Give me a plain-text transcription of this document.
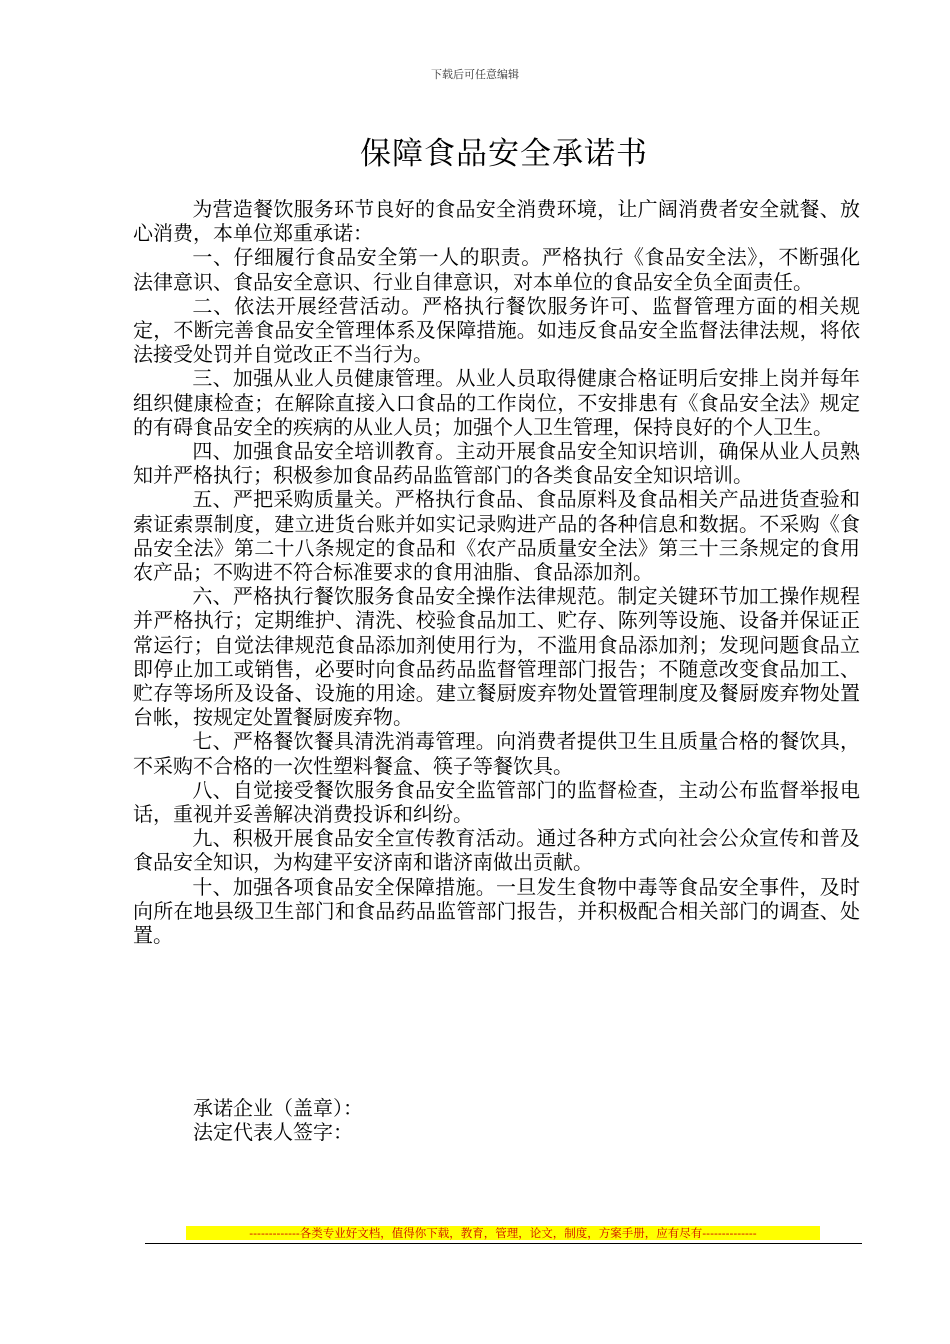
下载后可任意编辑
保障食品安全承诺书

为营造餐饮服务环节良好的食品安全消费环境，让广阔消费者安全就餐、放心消费，本单位郑重承诺：

一、仔细履行食品安全第一人的职责。严格执行《食品安全法》，不断强化法律意识、食品安全意识、行业自律意识，对本单位的食品安全负全面责任。

二、依法开展经营活动。严格执行餐饮服务许可、监督管理方面的相关规定，不断完善食品安全管理体系及保障措施。如违反食品安全监督法律法规，将依法接受处罚并自觉改正不当行为。

三、加强从业人员健康管理。从业人员取得健康合格证明后安排上岗并每年组织健康检查；在解除直接入口食品的工作岗位，不安排患有《食品安全法》规定的有碍食品安全的疾病的从业人员；加强个人卫生管理，保持良好的个人卫生。

四、加强食品安全培训教育。主动开展食品安全知识培训，确保从业人员熟知并严格执行；积极参加食品药品监管部门的各类食品安全知识培训。

五、严把采购质量关。严格执行食品、食品原料及食品相关产品进货查验和索证索票制度，建立进货台账并如实记录购进产品的各种信息和数据。不采购《食品安全法》第二十八条规定的食品和《农产品质量安全法》第三十三条规定的食用农产品；不购进不符合标准要求的食用油脂、食品添加剂。

六、严格执行餐饮服务食品安全操作法律规范。制定关键环节加工操作规程并严格执行；定期维护、清洗、校验食品加工、贮存、陈列等设施、设备并保证正常运行；自觉法律规范食品添加剂使用行为，不滥用食品添加剂；发现问题食品立即停止加工或销售，必要时向食品药品监督管理部门报告；不随意改变食品加工、贮存等场所及设备、设施的用途。建立餐厨废弃物处置管理制度及餐厨废弃物处置台帐，按规定处置餐厨废弃物。

七、严格餐饮餐具清洗消毒管理。向消费者提供卫生且质量合格的餐饮具，不采购不合格的一次性塑料餐盒、筷子等餐饮具。

八、自觉接受餐饮服务食品安全监管部门的监督检查，主动公布监督举报电话，重视并妥善解决消费投诉和纠纷。

九、积极开展食品安全宣传教育活动。通过各种方式向社会公众宣传和普及食品安全知识，为构建平安济南和谐济南做出贡献。

十、加强各项食品安全保障措施。一旦发生食物中毒等食品安全事件，及时向所在地县级卫生部门和食品药品监管部门报告，并积极配合相关部门的调查、处置。

承诺企业（盖章）：
法定代表人签字：
-------------各类专业好文档，值得你下载，教育，管理，论文，制度，方案手册，应有尽有--------------
